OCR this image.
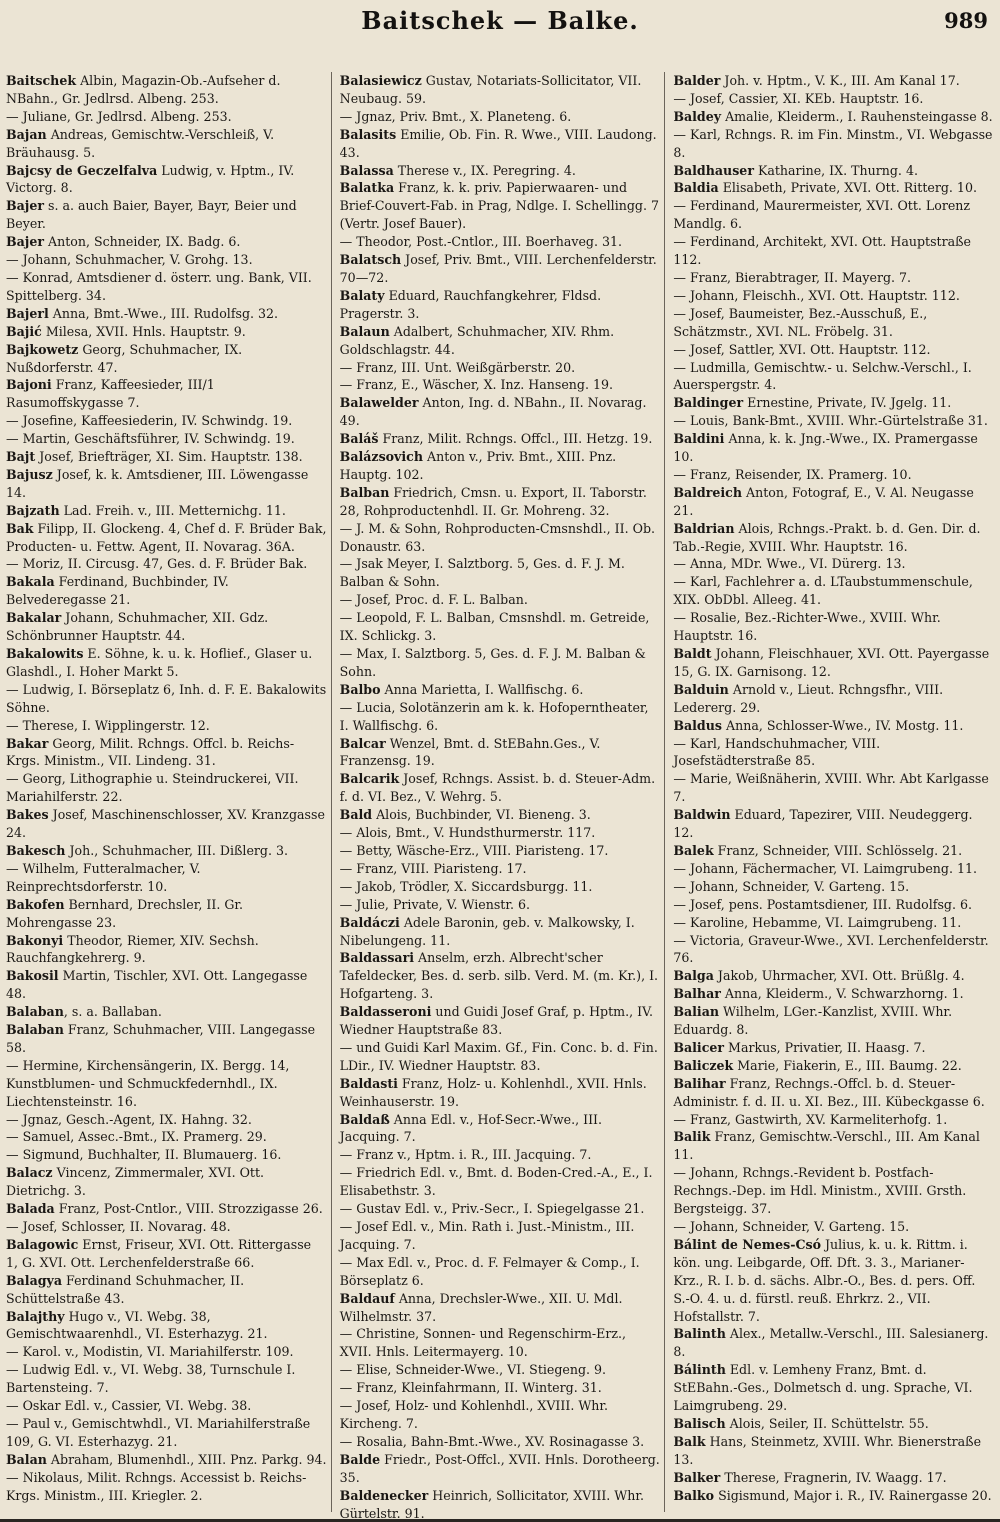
Baitschek — Balke.	989

Baitschek Albin, Magazin-Ob.-Aufseher d. NBahn., Gr. Jedlrsd. Albeng. 253.

— Juliane, Gr. Jedlrsd. Albeng. 253.

Bajan Andreas, Gemischtw.-Verschleiß, V. Bräuhausg. 5.

Bajcsy de Geczelfalva Ludwig, v. Hptm., IV. Victorg. 8.

Bajer s. a. auch Baier, Bayer, Bayr, Beier und Beyer.

Bajer Anton, Schneider, IX. Badg. 6.

— Johann, Schuhmacher, V. Grohg. 13.

— Konrad, Amtsdiener d. österr. ung. Bank, VII. Spittelberg. 34.

Bajerl Anna, Bmt.-Wwe., III. Rudolfsg. 32.

Bajić Milesa, XVII. Hnls. Hauptstr. 9.

Bajkowetz Georg, Schuhmacher, IX. Nußdorferstr. 47.

Bajoni Franz, Kaffeesieder, III/1 Rasumoffskygasse 7.

— Josefine, Kaffeesiederin, IV. Schwindg. 19.

— Martin, Geschäftsführer, IV. Schwindg. 19.

Bajt Josef, Briefträger, XI. Sim. Hauptstr. 138.

Bajusz Josef, k. k. Amtsdiener, III. Löwengasse 14.

Bajzath Lad. Freih. v., III. Metternichg. 11.

Bak Filipp, II. Glockeng. 4, Chef d. F. Brüder Bak, Producten- u. Fettw. Agent, II. Novarag. 36A.

— Moriz, II. Circusg. 47, Ges. d. F. Brüder Bak.

Bakala Ferdinand, Buchbinder, IV. Belvederegasse 21.

Bakalar Johann, Schuhmacher, XII. Gdz. Schönbrunner Hauptstr. 44.

Bakalowits E. Söhne, k. u. k. Hoflief., Glaser u. Glashdl., I. Hoher Markt 5.

— Ludwig, I. Börseplatz 6, Inh. d. F. E. Bakalowits Söhne.

— Therese, I. Wipplingerstr. 12.

Bakar Georg, Milit. Rchngs. Offcl. b. Reichs-Krgs. Ministm., VII. Lindeng. 31.

— Georg, Lithographie u. Steindruckerei, VII. Mariahilferstr. 22.

Bakes Josef, Maschinenschlosser, XV. Kranzgasse 24.

Bakesch Joh., Schuhmacher, III. Dißlerg. 3.

— Wilhelm, Futteralmacher, V. Reinprechtsdorferstr. 10.

Bakofen Bernhard, Drechsler, II. Gr. Mohrengasse 23.

Bakonyi Theodor, Riemer, XIV. Sechsh. Rauchfangkehrerg. 9.

Bakosil Martin, Tischler, XVI. Ott. Langegasse 48.

Balaban, s. a. Ballaban.

Balaban Franz, Schuhmacher, VIII. Langegasse 58.

— Hermine, Kirchensängerin, IX. Bergg. 14, Kunstblumen- und Schmuckfedernhdl., IX. Liechtensteinstr. 16.

— Jgnaz, Gesch.-Agent, IX. Hahng. 32.

— Samuel, Assec.-Bmt., IX. Pramerg. 29.

— Sigmund, Buchhalter, II. Blumauerg. 16.

Balacz Vincenz, Zimmermaler, XVI. Ott. Dietrichg. 3.

Balada Franz, Post-Cntlor., VIII. Strozzigasse 26.

— Josef, Schlosser, II. Novarag. 48.

Balagowic Ernst, Friseur, XVI. Ott. Rittergasse 1, G. XVI. Ott. Lerchenfelderstraße 66.

Balagya Ferdinand Schuhmacher, II. Schüttelstraße 43.

Balajthy Hugo v., VI. Webg. 38, Gemischtwaarenhdl., VI. Esterhazyg. 21.

— Karol. v., Modistin, VI. Mariahilferstr. 109.

— Ludwig Edl. v., VI. Webg. 38, Turnschule I. Bartensteing. 7.

— Oskar Edl. v., Cassier, VI. Webg. 38.

— Paul v., Gemischtwhdl., VI. Mariahilferstraße 109, G. VI. Esterhazyg. 21.

Balan Abraham, Blumenhdl., XIII. Pnz. Parkg. 94.

— Nikolaus, Milit. Rchngs. Accessist b. Reichs-Krgs. Ministm., III. Kriegler. 2.

Balasiewicz Gustav, Notariats-Sollicitator, VII. Neubaug. 59.

— Jgnaz, Priv. Bmt., X. Planeteng. 6.

Balasits Emilie, Ob. Fin. R. Wwe., VIII. Laudong. 43.

Balassa Therese v., IX. Peregring. 4.

Balatka Franz, k. k. priv. Papierwaaren- und Brief-Couvert-Fab. in Prag, Ndlge. I. Schellingg. 7 (Vertr. Josef Bauer).

— Theodor, Post.-Cntlor., III. Boerhaveg. 31.

Balatsch Josef, Priv. Bmt., VIII. Lerchenfelderstr. 70—72.

Balaty Eduard, Rauchfangkehrer, Fldsd. Pragerstr. 3.

Balaun Adalbert, Schuhmacher, XIV. Rhm. Goldschlagstr. 44.

— Franz, III. Unt. Weißgärberstr. 20.

— Franz, E., Wäscher, X. Inz. Hanseng. 19.

Balawelder Anton, Ing. d. NBahn., II. Novarag. 49.

Baláš Franz, Milit. Rchngs. Offcl., III. Hetzg. 19.

Balázsovich Anton v., Priv. Bmt., XIII. Pnz. Hauptg. 102.

Balban Friedrich, Cmsn. u. Export, II. Taborstr. 28, Rohproductenhdl. II. Gr. Mohreng. 32.

— J. M. & Sohn, Rohproducten-Cmsnshdl., II. Ob. Donaustr. 63.

— Jsak Meyer, I. Salztborg. 5, Ges. d. F. J. M. Balban & Sohn.

— Josef, Proc. d. F. L. Balban.

— Leopold, F. L. Balban, Cmsnshdl. m. Getreide, IX. Schlickg. 3.

— Max, I. Salztborg. 5, Ges. d. F. J. M. Balban & Sohn.

Balbo Anna Marietta, I. Wallfischg. 6.

— Lucia, Solotänzerin am k. k. Hofoperntheater, I. Wallfischg. 6.

Balcar Wenzel, Bmt. d. StEBahn.Ges., V. Franzensg. 19.

Balcarik Josef, Rchngs. Assist. b. d. Steuer-Adm. f. d. VI. Bez., V. Wehrg. 5.

Bald Alois, Buchbinder, VI. Bieneng. 3.

— Alois, Bmt., V. Hundsthurmerstr. 117.

— Betty, Wäsche-Erz., VIII. Piaristeng. 17.

— Franz, VIII. Piaristeng. 17.

— Jakob, Trödler, X. Siccardsburgg. 11.

— Julie, Private, V. Wienstr. 6.

Baldáczi Adele Baronin, geb. v. Malkowsky, I. Nibelungeng. 11.

Baldassari Anselm, erzh. Albrecht'scher Tafeldecker, Bes. d. serb. silb. Verd. M. (m. Kr.), I. Hofgarteng. 3.

Baldasseroni und Guidi Josef Graf, p. Hptm., IV. Wiedner Hauptstraße 83.

— und Guidi Karl Maxim. Gf., Fin. Conc. b. d. Fin. LDir., IV. Wiedner Hauptstr. 83.

Baldasti Franz, Holz- u. Kohlenhdl., XVII. Hnls. Weinhauserstr. 19.

Baldaß Anna Edl. v., Hof-Secr.-Wwe., III. Jacquing. 7.

— Franz v., Hptm. i. R., III. Jacquing. 7.

— Friedrich Edl. v., Bmt. d. Boden-Cred.-A., E., I. Elisabethstr. 3.

— Gustav Edl. v., Priv.-Secr., I. Spiegelgasse 21.

— Josef Edl. v., Min. Rath i. Just.-Ministm., III. Jacquing. 7.

— Max Edl. v., Proc. d. F. Felmayer & Comp., I. Börseplatz 6.

Baldauf Anna, Drechsler-Wwe., XII. U. Mdl. Wilhelmstr. 37.

— Christine, Sonnen- und Regenschirm-Erz., XVII. Hnls. Leitermayerg. 10.

— Elise, Schneider-Wwe., VI. Stiegeng. 9.

— Franz, Kleinfahrmann, II. Winterg. 31.

— Josef, Holz- und Kohlenhdl., XVIII. Whr. Kircheng. 7.

— Rosalia, Bahn-Bmt.-Wwe., XV. Rosinagasse 3.

Balde Friedr., Post-Offcl., XVII. Hnls. Dorotheerg. 35.

Baldenecker Heinrich, Sollicitator, XVIII. Whr. Gürtelstr. 91.

Balder Joh. v. Hptm., V. K., III. Am Kanal 17.

— Josef, Cassier, XI. KEb. Hauptstr. 16.

Baldey Amalie, Kleiderm., I. Rauhensteingasse 8.

— Karl, Rchngs. R. im Fin. Minstm., VI. Webgasse 8.

Baldhauser Katharine, IX. Thurng. 4.

Baldia Elisabeth, Private, XVI. Ott. Ritterg. 10.

— Ferdinand, Maurermeister, XVI. Ott. Lorenz Mandlg. 6.

— Ferdinand, Architekt, XVI. Ott. Hauptstraße 112.

— Franz, Bierabtrager, II. Mayerg. 7.

— Johann, Fleischh., XVI. Ott. Hauptstr. 112.

— Josef, Baumeister, Bez.-Ausschuß, E., Schätzmstr., XVI. NL. Fröbelg. 31.

— Josef, Sattler, XVI. Ott. Hauptstr. 112.

— Ludmilla, Gemischtw.- u. Selchw.-Verschl., I. Auerspergstr. 4.

Baldinger Ernestine, Private, IV. Jgelg. 11.

— Louis, Bank-Bmt., XVIII. Whr.-Gürtelstraße 31.

Baldini Anna, k. k. Jng.-Wwe., IX. Pramergasse 10.

— Franz, Reisender, IX. Pramerg. 10.

Baldreich Anton, Fotograf, E., V. Al. Neugasse 21.

Baldrian Alois, Rchngs.-Prakt. b. d. Gen. Dir. d. Tab.-Regie, XVIII. Whr. Hauptstr. 16.

— Anna, MDr. Wwe., VI. Dürerg. 13.

— Karl, Fachlehrer a. d. LTaubstummenschule, XIX. ObDbl. Alleeg. 41.

— Rosalie, Bez.-Richter-Wwe., XVIII. Whr. Hauptstr. 16.

Baldt Johann, Fleischhauer, XVI. Ott. Payergasse 15, G. IX. Garnisong. 12.

Balduin Arnold v., Lieut. Rchngsfhr., VIII. Ledererg. 29.

Baldus Anna, Schlosser-Wwe., IV. Mostg. 11.

— Karl, Handschuhmacher, VIII. Josefstädterstraße 85.

— Marie, Weißnäherin, XVIII. Whr. Abt Karlgasse 7.

Baldwin Eduard, Tapezirer, VIII. Neudeggerg. 12.

Balek Franz, Schneider, VIII. Schlösselg. 21.

— Johann, Fächermacher, VI. Laimgrubeng. 11.

— Johann, Schneider, V. Garteng. 15.

— Josef, pens. Postamtsdiener, III. Rudolfsg. 6.

— Karoline, Hebamme, VI. Laimgrubeng. 11.

— Victoria, Graveur-Wwe., XVI. Lerchenfelderstr. 76.

Balga Jakob, Uhrmacher, XVI. Ott. Brüßlg. 4.

Balhar Anna, Kleiderm., V. Schwarzhorng. 1.

Balian Wilhelm, LGer.-Kanzlist, XVIII. Whr. Eduardg. 8.

Balicer Markus, Privatier, II. Haasg. 7.

Baliczek Marie, Fiakerin, E., III. Baumg. 22.

Balihar Franz, Rechngs.-Offcl. b. d. Steuer-Administr. f. d. II. u. XI. Bez., III. Kübeckgasse 6.

— Franz, Gastwirth, XV. Karmeliterhofg. 1.

Balik Franz, Gemischtw.-Verschl., III. Am Kanal 11.

— Johann, Rchngs.-Revident b. Postfach-Rechngs.-Dep. im Hdl. Ministm., XVIII. Grsth. Bergsteigg. 37.

— Johann, Schneider, V. Garteng. 15.

Bálint de Nemes-Csó Julius, k. u. k. Rittm. i. kön. ung. Leibgarde, Off. Dft. 3. 3., Marianer-Krz., R. I. b. d. sächs. Albr.-O., Bes. d. pers. Off. S.-O. 4. u. d. fürstl. reuß. Ehrkrz. 2., VII. Hofstallstr. 7.

Balinth Alex., Metallw.-Verschl., III. Salesianerg. 8.

Bálinth Edl. v. Lemheny Franz, Bmt. d. StEBahn.-Ges., Dolmetsch d. ung. Sprache, VI. Laimgrubeng. 29.

Balisch Alois, Seiler, II. Schüttelstr. 55.

Balk Hans, Steinmetz, XVIII. Whr. Bienerstraße 13.

Balker Therese, Fragnerin, IV. Waagg. 17.

Balko Sigismund, Major i. R., IV. Rainergasse 20.
